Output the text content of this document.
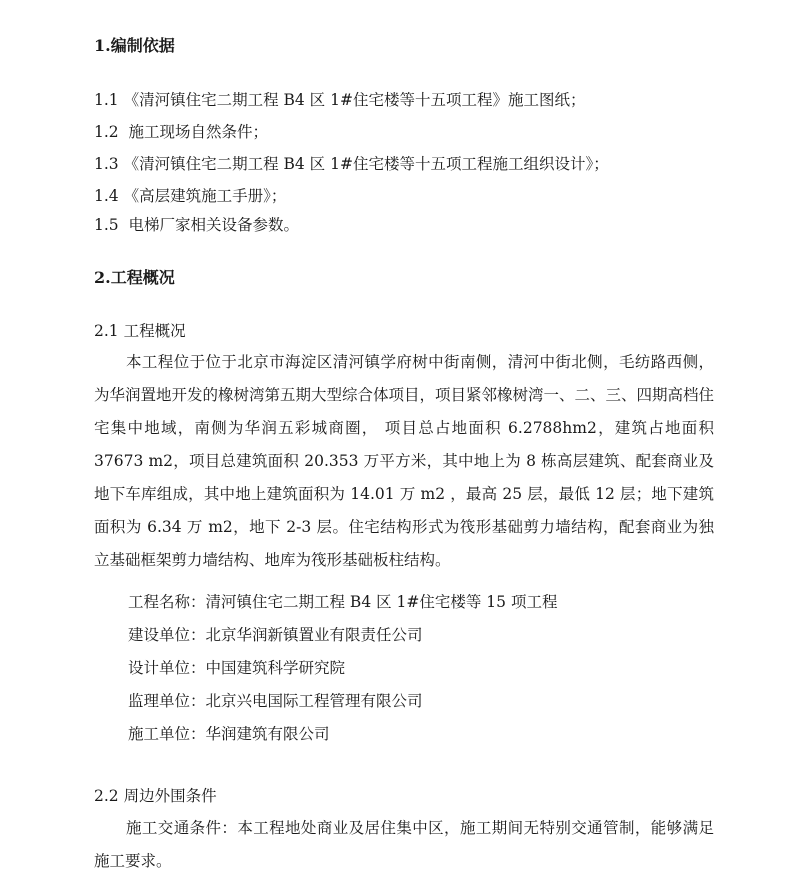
1.编制依据
1.1 《清河镇住宅二期工程 B4 区 1#住宅楼等十五项工程》施工图纸；
1.2  施工现场自然条件；
1.3 《清河镇住宅二期工程 B4 区 1#住宅楼等十五项工程施工组织设计》；
1.4 《高层建筑施工手册》；
1.5  电梯厂家相关设备参数。
2.工程概况
2.1 工程概况
本工程位于位于北京市海淀区清河镇学府树中街南侧，清河中街北侧，毛纺路西侧，为华润置地开发的橡树湾第五期大型综合体项目，项目紧邻橡树湾一、二、三、四期高档住宅集中地域，南侧为华润五彩城商圈， 项目总占地面积 6.2788hm2，建筑占地面积 37673 m2，项目总建筑面积 20.353 万平方米，其中地上为 8 栋高层建筑、配套商业及地下车库组成，其中地上建筑面积为 14.01 万 m2 ，最高 25 层，最低 12 层；地下建筑面积为 6.34 万 m2，地下 2-3 层。住宅结构形式为筏形基础剪力墙结构，配套商业为独立基础框架剪力墙结构、地库为筏形基础板柱结构。
工程名称：清河镇住宅二期工程 B4 区 1#住宅楼等 15 项工程
建设单位：北京华润新镇置业有限责任公司
设计单位：中国建筑科学研究院
监理单位：北京兴电国际工程管理有限公司
施工单位：华润建筑有限公司
2.2 周边外围条件
施工交通条件：本工程地处商业及居住集中区，施工期间无特别交通管制，能够满足施工要求。
